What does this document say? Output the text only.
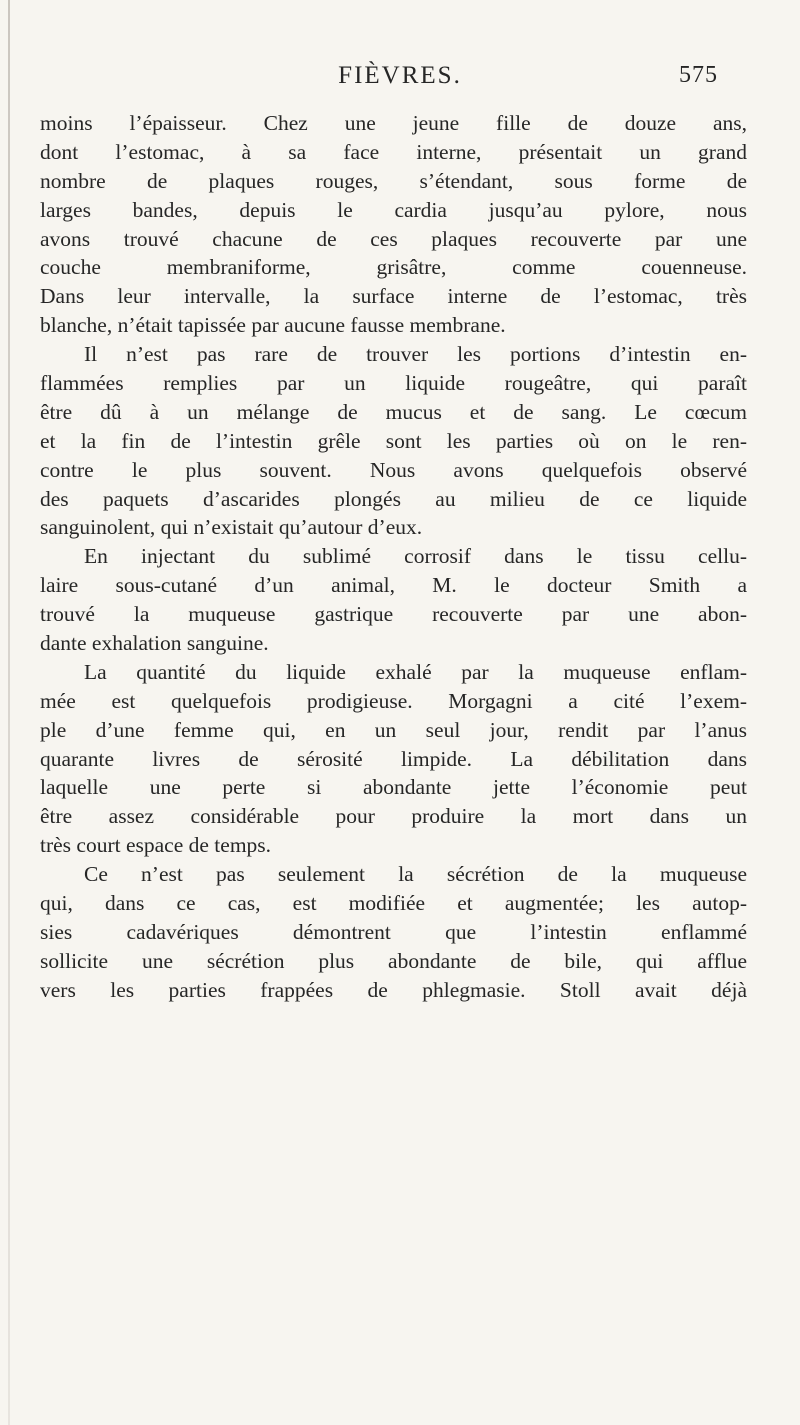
FIÈVRES.	575
moins l’épaisseur. Chez une jeune fille de douze ans,
dont l’estomac, à sa face interne, présentait un grand
nombre de plaques rouges, s’étendant, sous forme de
larges bandes, depuis le cardia jusqu’au pylore, nous
avons trouvé chacune de ces plaques recouverte par une
couche membraniforme, grisâtre, comme couenneuse.
Dans leur intervalle, la surface interne de l’estomac, très
blanche, n’était tapissée par aucune fausse membrane.
Il n’est pas rare de trouver les portions d’intestin en-
flammées remplies par un liquide rougeâtre, qui paraît
être dû à un mélange de mucus et de sang. Le cœcum
et la fin de l’intestin grêle sont les parties où on le ren-
contre le plus souvent. Nous avons quelquefois observé
des paquets d’ascarides plongés au milieu de ce liquide
sanguinolent, qui n’existait qu’autour d’eux.
En injectant du sublimé corrosif dans le tissu cellu-
laire sous-cutané d’un animal, M. le docteur Smith a
trouvé la muqueuse gastrique recouverte par une abon-
dante exhalation sanguine.
La quantité du liquide exhalé par la muqueuse enflam-
mée est quelquefois prodigieuse. Morgagni a cité l’exem-
ple d’une femme qui, en un seul jour, rendit par l’anus
quarante livres de sérosité limpide. La débilitation dans
laquelle une perte si abondante jette l’économie peut
être assez considérable pour produire la mort dans un
très court espace de temps.
Ce n’est pas seulement la sécrétion de la muqueuse
qui, dans ce cas, est modifiée et augmentée; les autop-
sies cadavériques démontrent que l’intestin enflammé
sollicite une sécrétion plus abondante de bile, qui afflue
vers les parties frappées de phlegmasie. Stoll avait déjà
